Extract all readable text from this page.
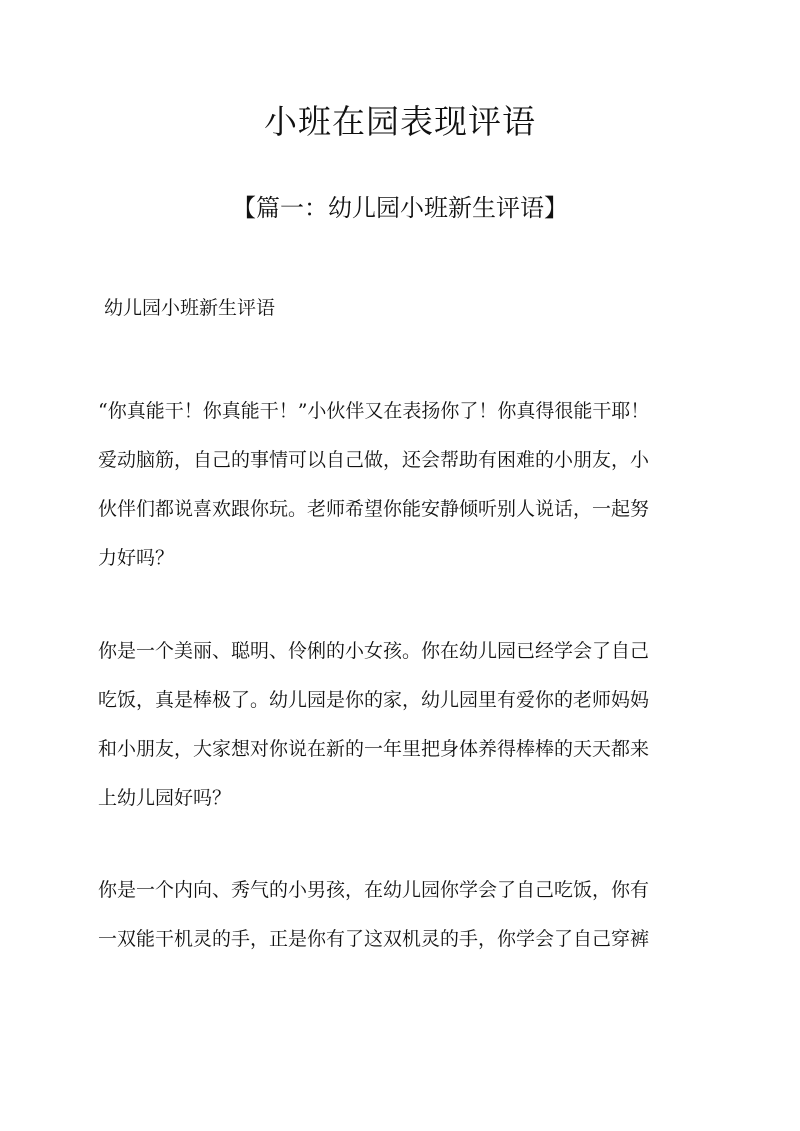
小班在园表现评语
【篇一：幼儿园小班新生评语】
幼儿园小班新生评语
“你真能干！你真能干！”小伙伴又在表扬你了！你真得很能干耶！
爱动脑筋，自己的事情可以自己做，还会帮助有困难的小朋友，小
伙伴们都说喜欢跟你玩。老师希望你能安静倾听别人说话，一起努
力好吗？
你是一个美丽、聪明、伶俐的小女孩。你在幼儿园已经学会了自己
吃饭，真是棒极了。幼儿园是你的家，幼儿园里有爱你的老师妈妈
和小朋友，大家想对你说在新的一年里把身体养得棒棒的天天都来
上幼儿园好吗？
你是一个内向、秀气的小男孩，在幼儿园你学会了自己吃饭，你有
一双能干机灵的手，正是你有了这双机灵的手，你学会了自己穿裤
